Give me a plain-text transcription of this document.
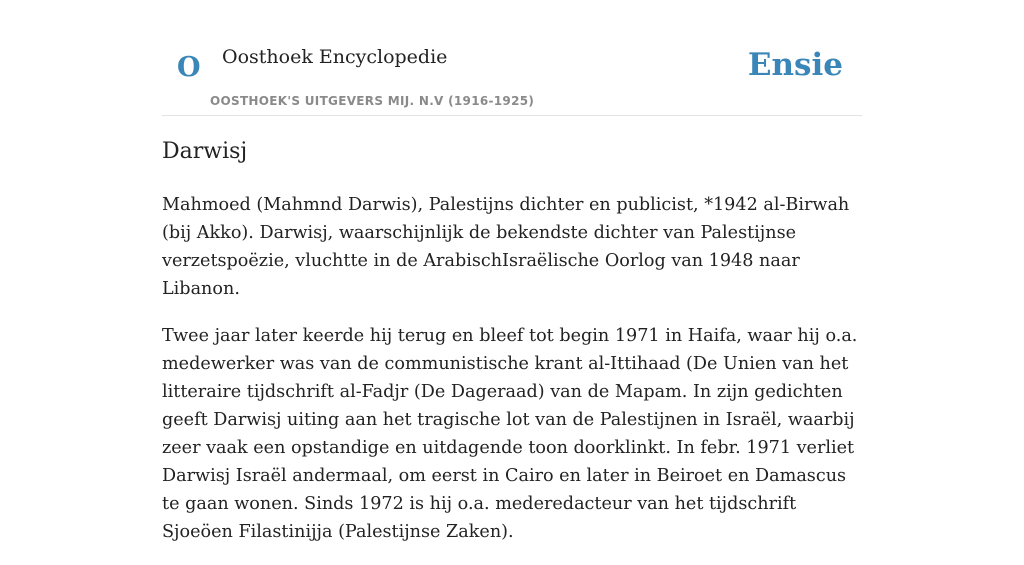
O Oosthoek Encyclopedie
OOSTHOEK'S UITGEVERS MIJ. N.V (1916-1925)
Ensie
Darwisj

Mahmoed (Mahmnd Darwis), Palestijns dichter en publicist, *1942 al-Birwah (bij Akko). Darwisj, waarschijnlijk de bekendste dichter van Palestijnse verzetspoëzie, vluchtte in de ArabischIsraëlische Oorlog van 1948 naar Libanon.

Twee jaar later keerde hij terug en bleef tot begin 1971 in Haifa, waar hij o.a. medewerker was van de communistische krant al-Ittihaad (De Unien van het litteraire tijdschrift al-Fadjr (De Dageraad) van de Mapam. In zijn gedichten geeft Darwisj uiting aan het tragische lot van de Palestijnen in Israël, waarbij zeer vaak een opstandige en uitdagende toon doorklinkt. In febr. 1971 verliet Darwisj Israël andermaal, om eerst in Cairo en later in Beiroet en Damascus te gaan wonen. Sinds 1972 is hij o.a. mederedacteur van het tijdschrift Sjoeöen Filastinijja (Palestijnse Zaken).
